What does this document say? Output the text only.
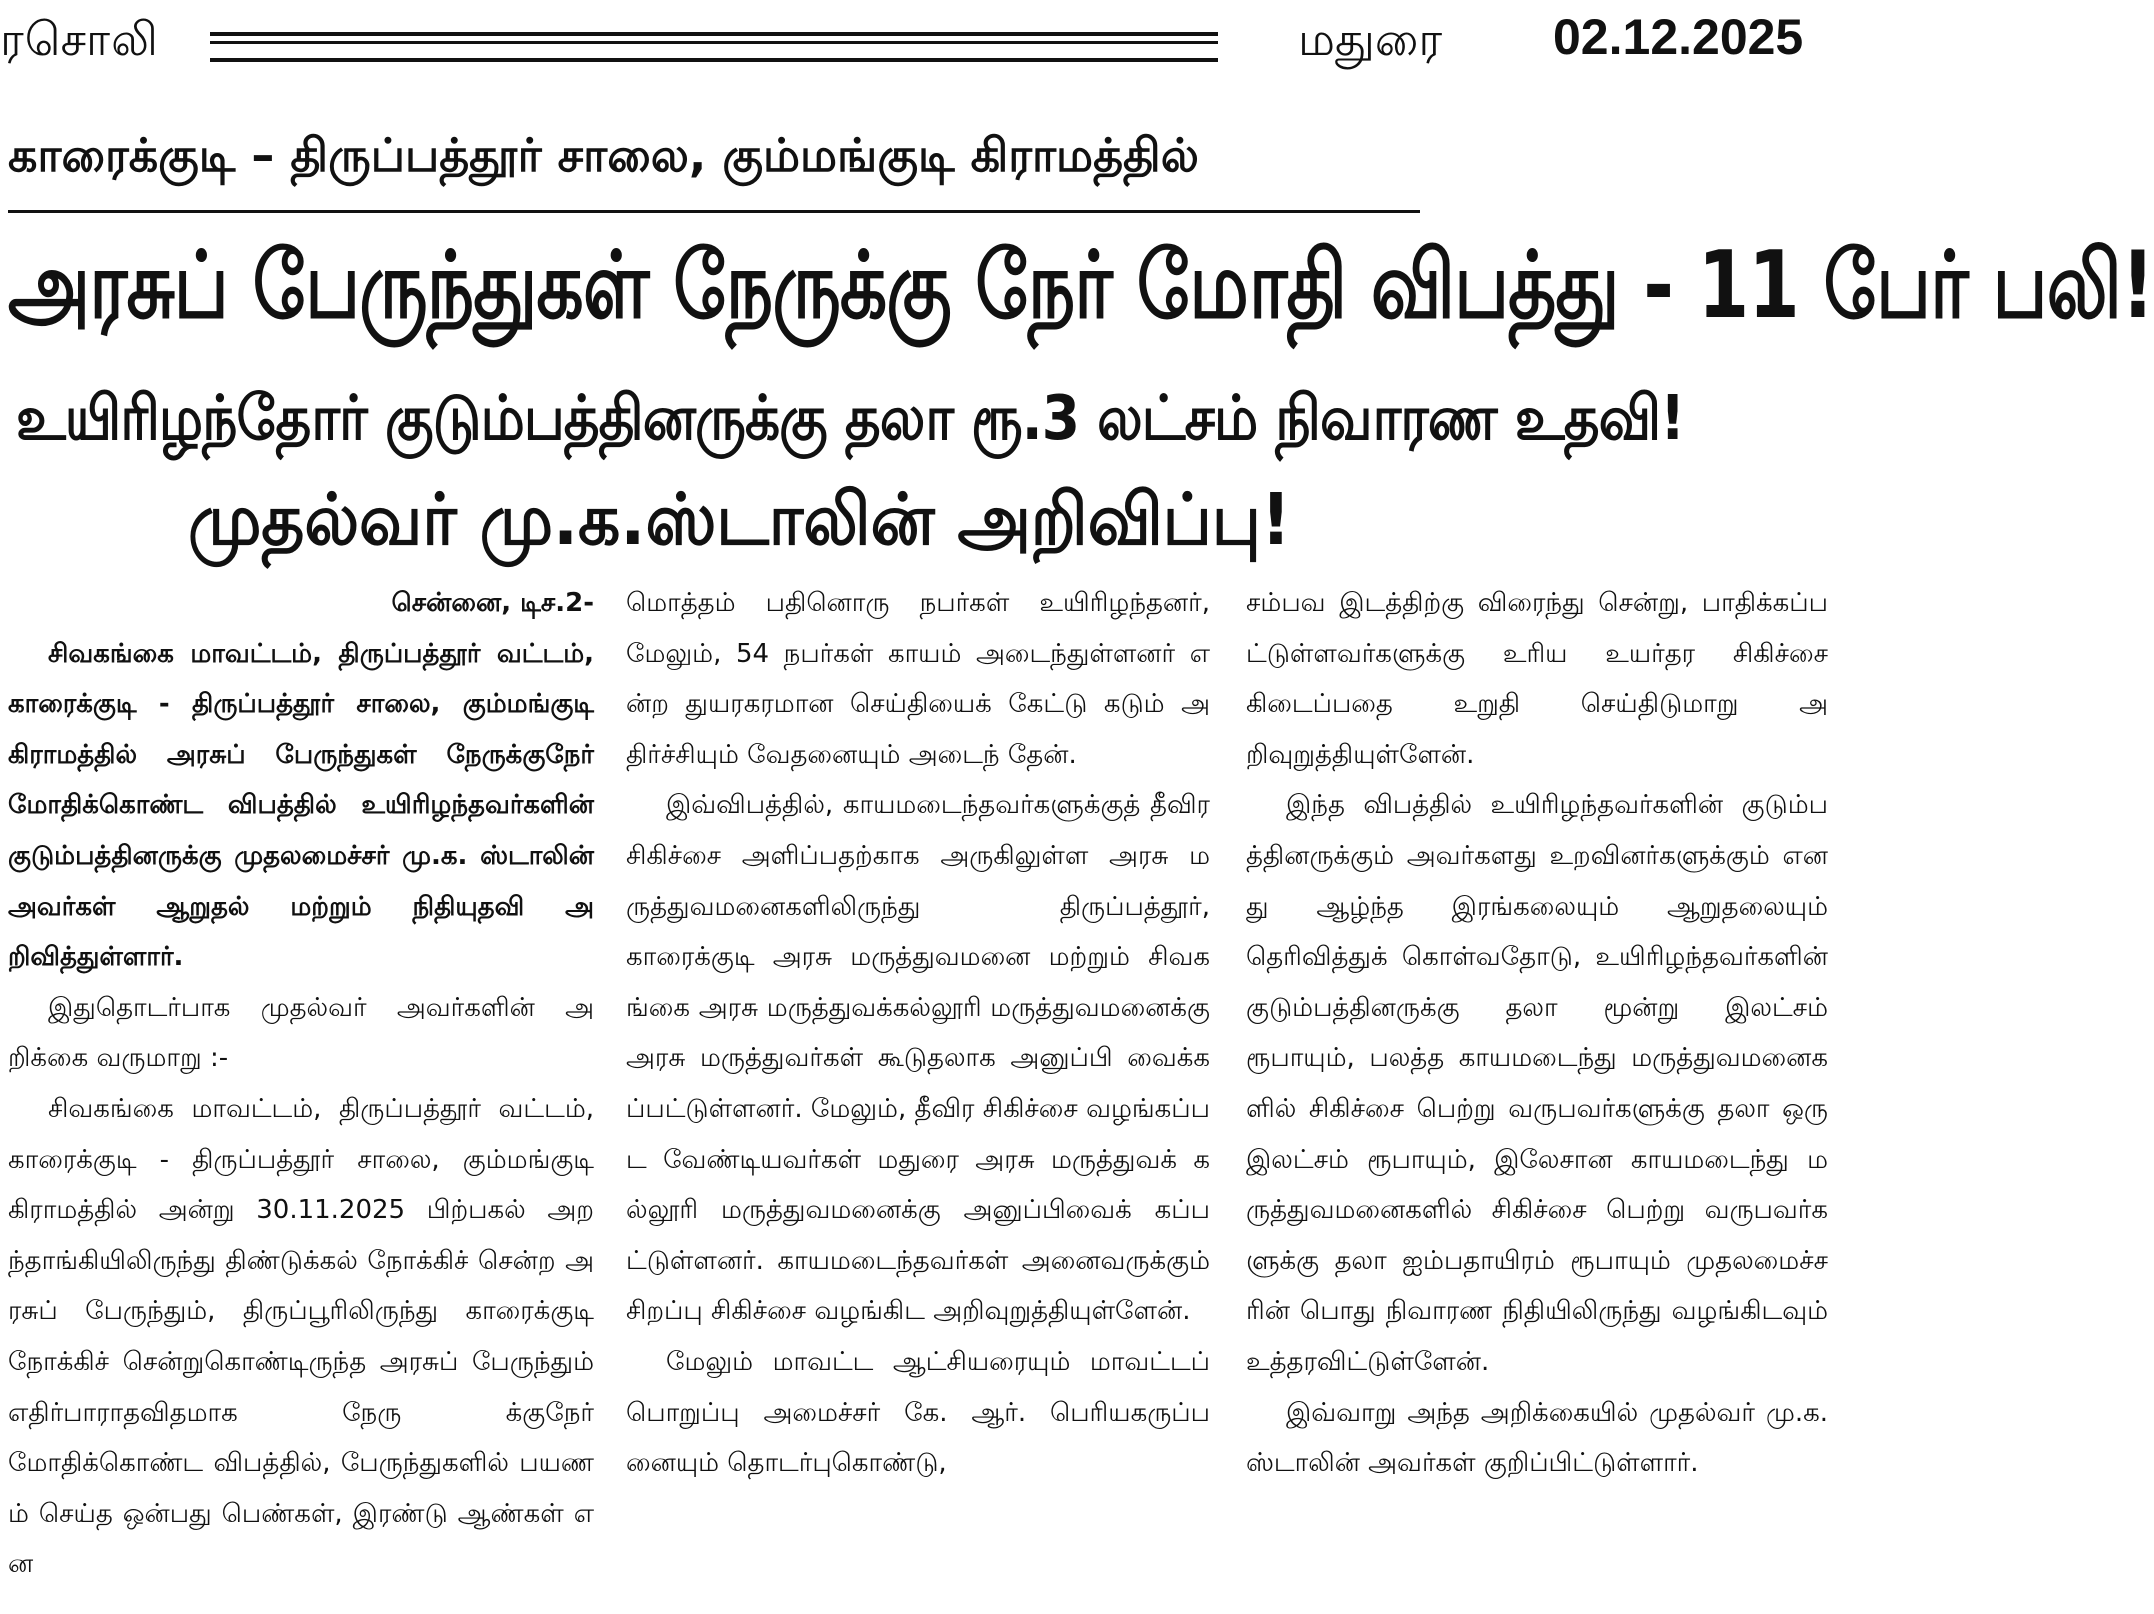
ரசொலி	மதுரை 02.12.2025
காரைக்குடி – திருப்பத்தூர் சாலை, கும்மங்குடி கிராமத்தில்
அரசுப் பேருந்துகள் நேருக்கு நேர் மோதி விபத்து - 11 பேர் பலி!
உயிரிழந்தோர் குடும்பத்தினருக்கு தலா ரூ.3 லட்சம் நிவாரண உதவி!
முதல்வர் மு.க.ஸ்டாலின் அறிவிப்பு!

சென்னை, டிச.2-

சிவகங்கை மாவட்டம், திருப்பத்தூர் வட்டம், காரைக்குடி - திருப்பத்தூர் சாலை, கும்மங்குடி கிராமத்தில் அரசுப் பேருந்துகள் நேருக்குநேர் மோதிக்கொண்ட விபத்தில் உயிரிழந்தவர்களின் குடும்பத்தினருக்கு முதலமைச்சர் மு.க. ஸ்டாலின் அவர்கள் ஆறுதல் மற்றும் நிதியுதவி அறிவித்துள்ளார்.

இதுதொடர்பாக முதல்வர் அவர்களின் அறிக்கை வருமாறு :-

சிவகங்கை மாவட்டம், திருப்பத்தூர் வட்டம், காரைக்குடி - திருப்பத்தூர் சாலை, கும்மங்குடி கிராமத்தில் அன்று 30.11.2025 பிற்பகல் அறந்தாங்கியிலிருந்து திண்டுக்கல் நோக்கிச் சென்ற அரசுப் பேருந்தும், திருப்பூரிலிருந்து காரைக்குடி நோக்கிச் சென்றுகொண்டிருந்த அரசுப் பேருந்தும் எதிர்பாராதவிதமாக நேரு க்குநேர் மோதிக்கொண்ட விபத்தில், பேருந்துகளில் பயணம் செய்த ஒன்பது பெண்கள், இரண்டு ஆண்கள் என

மொத்தம் பதினொரு நபர்கள் உயிரிழந்தனர், மேலும், 54 நபர்கள் காயம் அடைந்துள்ளனர் என்ற துயரகரமான செய்தியைக் கேட்டு கடும் அதிர்ச்சியும் வேதனையும் அடைந் தேன்.

இவ்விபத்தில், காயமடைந்தவர்களுக்குத் தீவிர சிகிச்சை அளிப்பதற்காக அருகிலுள்ள அரசு மருத்துவமனைகளிலிருந்து திருப்பத்தூர், காரைக்குடி அரசு மருத்துவமனை மற்றும் சிவகங்கை அரசு மருத்துவக்கல்லூரி மருத்துவமனைக்கு அரசு மருத்துவர்கள் கூடுதலாக அனுப்பி வைக்கப்பட்டுள்ளனர். மேலும், தீவிர சிகிச்சை வழங்கப்பட வேண்டியவர்கள் மதுரை அரசு மருத்துவக் கல்லூரி மருத்துவமனைக்கு அனுப்பிவைக் கப்பட்டுள்ளனர். காயமடைந்தவர்கள் அனைவருக்கும் சிறப்பு சிகிச்சை வழங்கிட அறிவுறுத்தியுள்ளேன்.

மேலும் மாவட்ட ஆட்சியரையும் மாவட்டப் பொறுப்பு அமைச்சர் கே. ஆர். பெரியகருப்பனையும் தொடர்புகொண்டு,

சம்பவ இடத்திற்கு விரைந்து சென்று, பாதிக்கப்பட்டுள்ளவர்களுக்கு உரிய உயர்தர சிகிச்சை கிடைப்பதை உறுதி செய்திடுமாறு அறிவுறுத்தியுள்ளேன்.

இந்த விபத்தில் உயிரிழந்தவர்களின் குடும்பத்தினருக்கும் அவர்களது உறவினர்களுக்கும் எனது ஆழ்ந்த இரங்கலையும் ஆறுதலையும் தெரிவித்துக் கொள்வதோடு, உயிரிழந்தவர்களின் குடும்பத்தினருக்கு தலா மூன்று இலட்சம் ரூபாயும், பலத்த காயமடைந்து மருத்துவமனைகளில் சிகிச்சை பெற்று வருபவர்களுக்கு தலா ஒரு இலட்சம் ரூபாயும், இலேசான காயமடைந்து மருத்துவமனைகளில் சிகிச்சை பெற்று வருபவர்களுக்கு தலா ஐம்பதாயிரம் ரூபாயும் முதலமைச்சரின் பொது நிவாரண நிதியிலிருந்து வழங்கிடவும் உத்தரவிட்டுள்ளேன்.

இவ்வாறு அந்த அறிக்கையில் முதல்வர் மு.க.ஸ்டாலின் அவர்கள் குறிப்பிட்டுள்ளார்.
